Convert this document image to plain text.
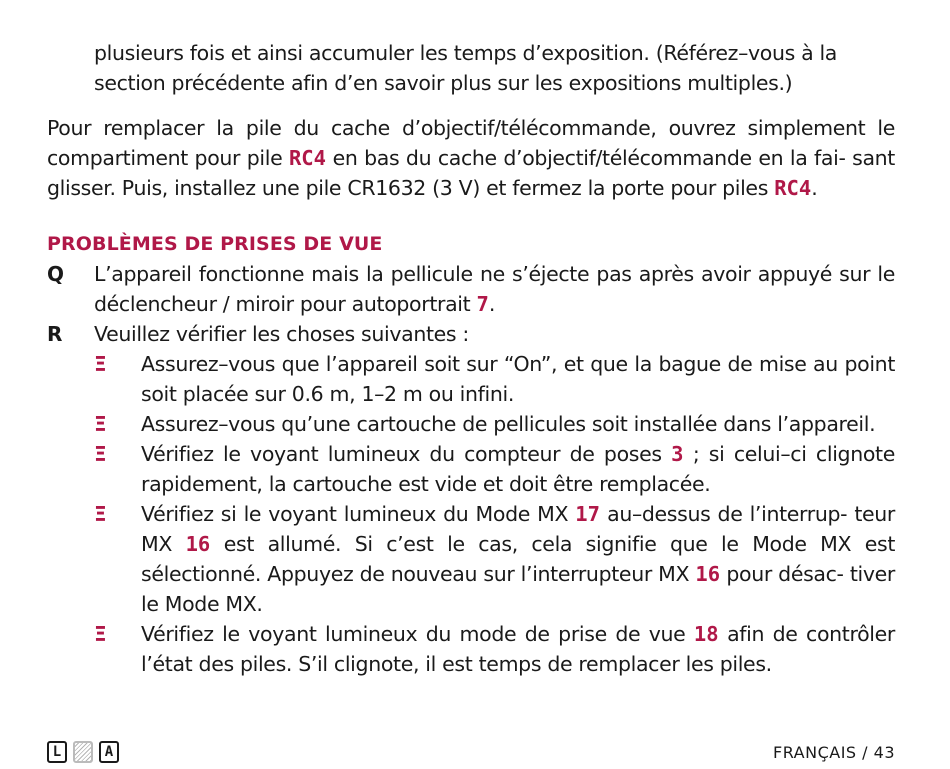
plusieurs fois et ainsi accumuler les temps d’exposition. (Référez–vous à la
section précédente afin d’en savoir plus sur les expositions multiples.)

Pour remplacer la pile du cache d’objectif/télécommande, ouvrez simplement le compartiment pour pile RC4 en bas du cache d’objectif/télécommande en la fai- sant glisser. Puis, installez une pile CR1632 (3 V) et fermez la porte pour piles RC4.

PROBLÈMES DE PRISES DE VUE
Q	L’appareil fonctionne mais la pellicule ne s’éjecte pas après avoir appuyé sur le déclencheur / miroir pour autoportrait 7.
R	Veuillez vérifier les choses suivantes :
Ξ	Assurez–vous que l’appareil soit sur “On”, et que la bague de mise au point soit placée sur 0.6 m, 1–2 m ou infini.
Ξ	Assurez–vous qu’une cartouche de pellicules soit installée dans l’appareil.
Ξ	Vérifiez le voyant lumineux du compteur de poses 3 ; si celui–ci clignote rapidement, la cartouche est vide et doit être remplacée.
Ξ	Vérifiez si le voyant lumineux du Mode MX 17 au–dessus de l’interrup- teur MX 16 est allumé. Si c’est le cas, cela signifie que le Mode MX est sélectionné. Appuyez de nouveau sur l’interrupteur MX 16 pour désac- tiver le Mode MX.
Ξ	Vérifiez le voyant lumineux du mode de prise de vue 18 afin de contrôler l’état des piles. S’il clignote, il est temps de remplacer les piles.
L	A	FRANÇAIS / 43
